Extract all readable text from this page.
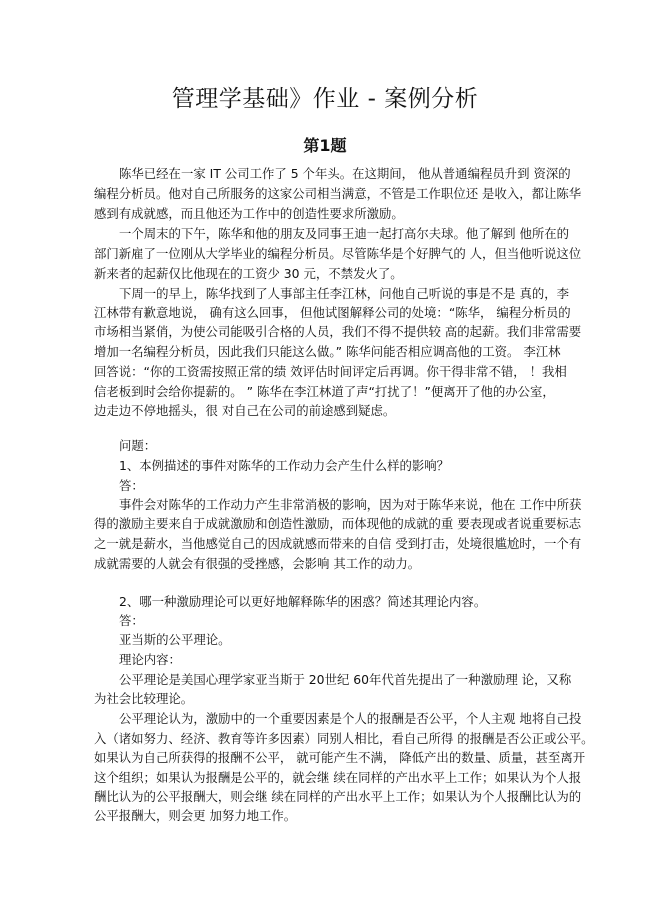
管理学基础》作业 - 案例分析
第1题
陈华已经在一家 IT 公司工作了 5 个年头。在这期间， 他从普通编程员升到 资深的
编程分析员。他对自己所服务的这家公司相当满意，不管是工作职位还 是收入，都让陈华
感到有成就感，而且他还为工作中的创造性要求所激励。
一个周末的下午，陈华和他的朋友及同事王迪一起打高尔夫球。他了解到 他所在的
部门新雇了一位刚从大学毕业的编程分析员。尽管陈华是个好脾气的 人，但当他听说这位
新来者的起薪仅比他现在的工资少 30 元，不禁发火了。
下周一的早上，陈华找到了人事部主任李江林，问他自己听说的事是不是 真的，李
江林带有歉意地说， 确有这么回事， 但他试图解释公司的处境：“陈华， 编程分析员的
市场相当紧俏，为使公司能吸引合格的人员，我们不得不提供较 高的起薪。我们非常需要
增加一名编程分析员，因此我们只能这么做。” 陈华问能否相应调高他的工资。 李江林
回答说：“你的工资需按照正常的绩 效评估时间评定后再调。你干得非常不错， ！我相
信老板到时会给你提薪的。 ” 陈华在李江林道了声“打扰了！”便离开了他的办公室，
边走边不停地摇头，很 对自己在公司的前途感到疑虑。
问题：
1、本例描述的事件对陈华的工作动力会产生什么样的影响？
答：
事件会对陈华的工作动力产生非常消极的影响，因为对于陈华来说，他在 工作中所获
得的激励主要来自于成就激励和创造性激励，而体现他的成就的重 要表现或者说重要标志
之一就是薪水，当他感觉自己的因成就感而带来的自信 受到打击，处境很尴尬时，一个有
成就需要的人就会有很强的受挫感，会影响 其工作的动力。
2、哪一种激励理论可以更好地解释陈华的困惑？简述其理论内容。
答：
亚当斯的公平理论。
理论内容：
公平理论是美国心理学家亚当斯于 20世纪 60年代首先提出了一种激励理 论，又称
为社会比较理论。
公平理论认为，激励中的一个重要因素是个人的报酬是否公平，个人主观 地将自己投
入（诸如努力、经济、教育等许多因素）同别人相比，看自己所得 的报酬是否公正或公平。
如果认为自己所获得的报酬不公平， 就可能产生不满， 降低产出的数量、质量，甚至离开
这个组织；如果认为报酬是公平的，就会继 续在同样的产出水平上工作；如果认为个人报
酬比认为的公平报酬大，则会继 续在同样的产出水平上工作；如果认为个人报酬比认为的
公平报酬大，则会更 加努力地工作。
